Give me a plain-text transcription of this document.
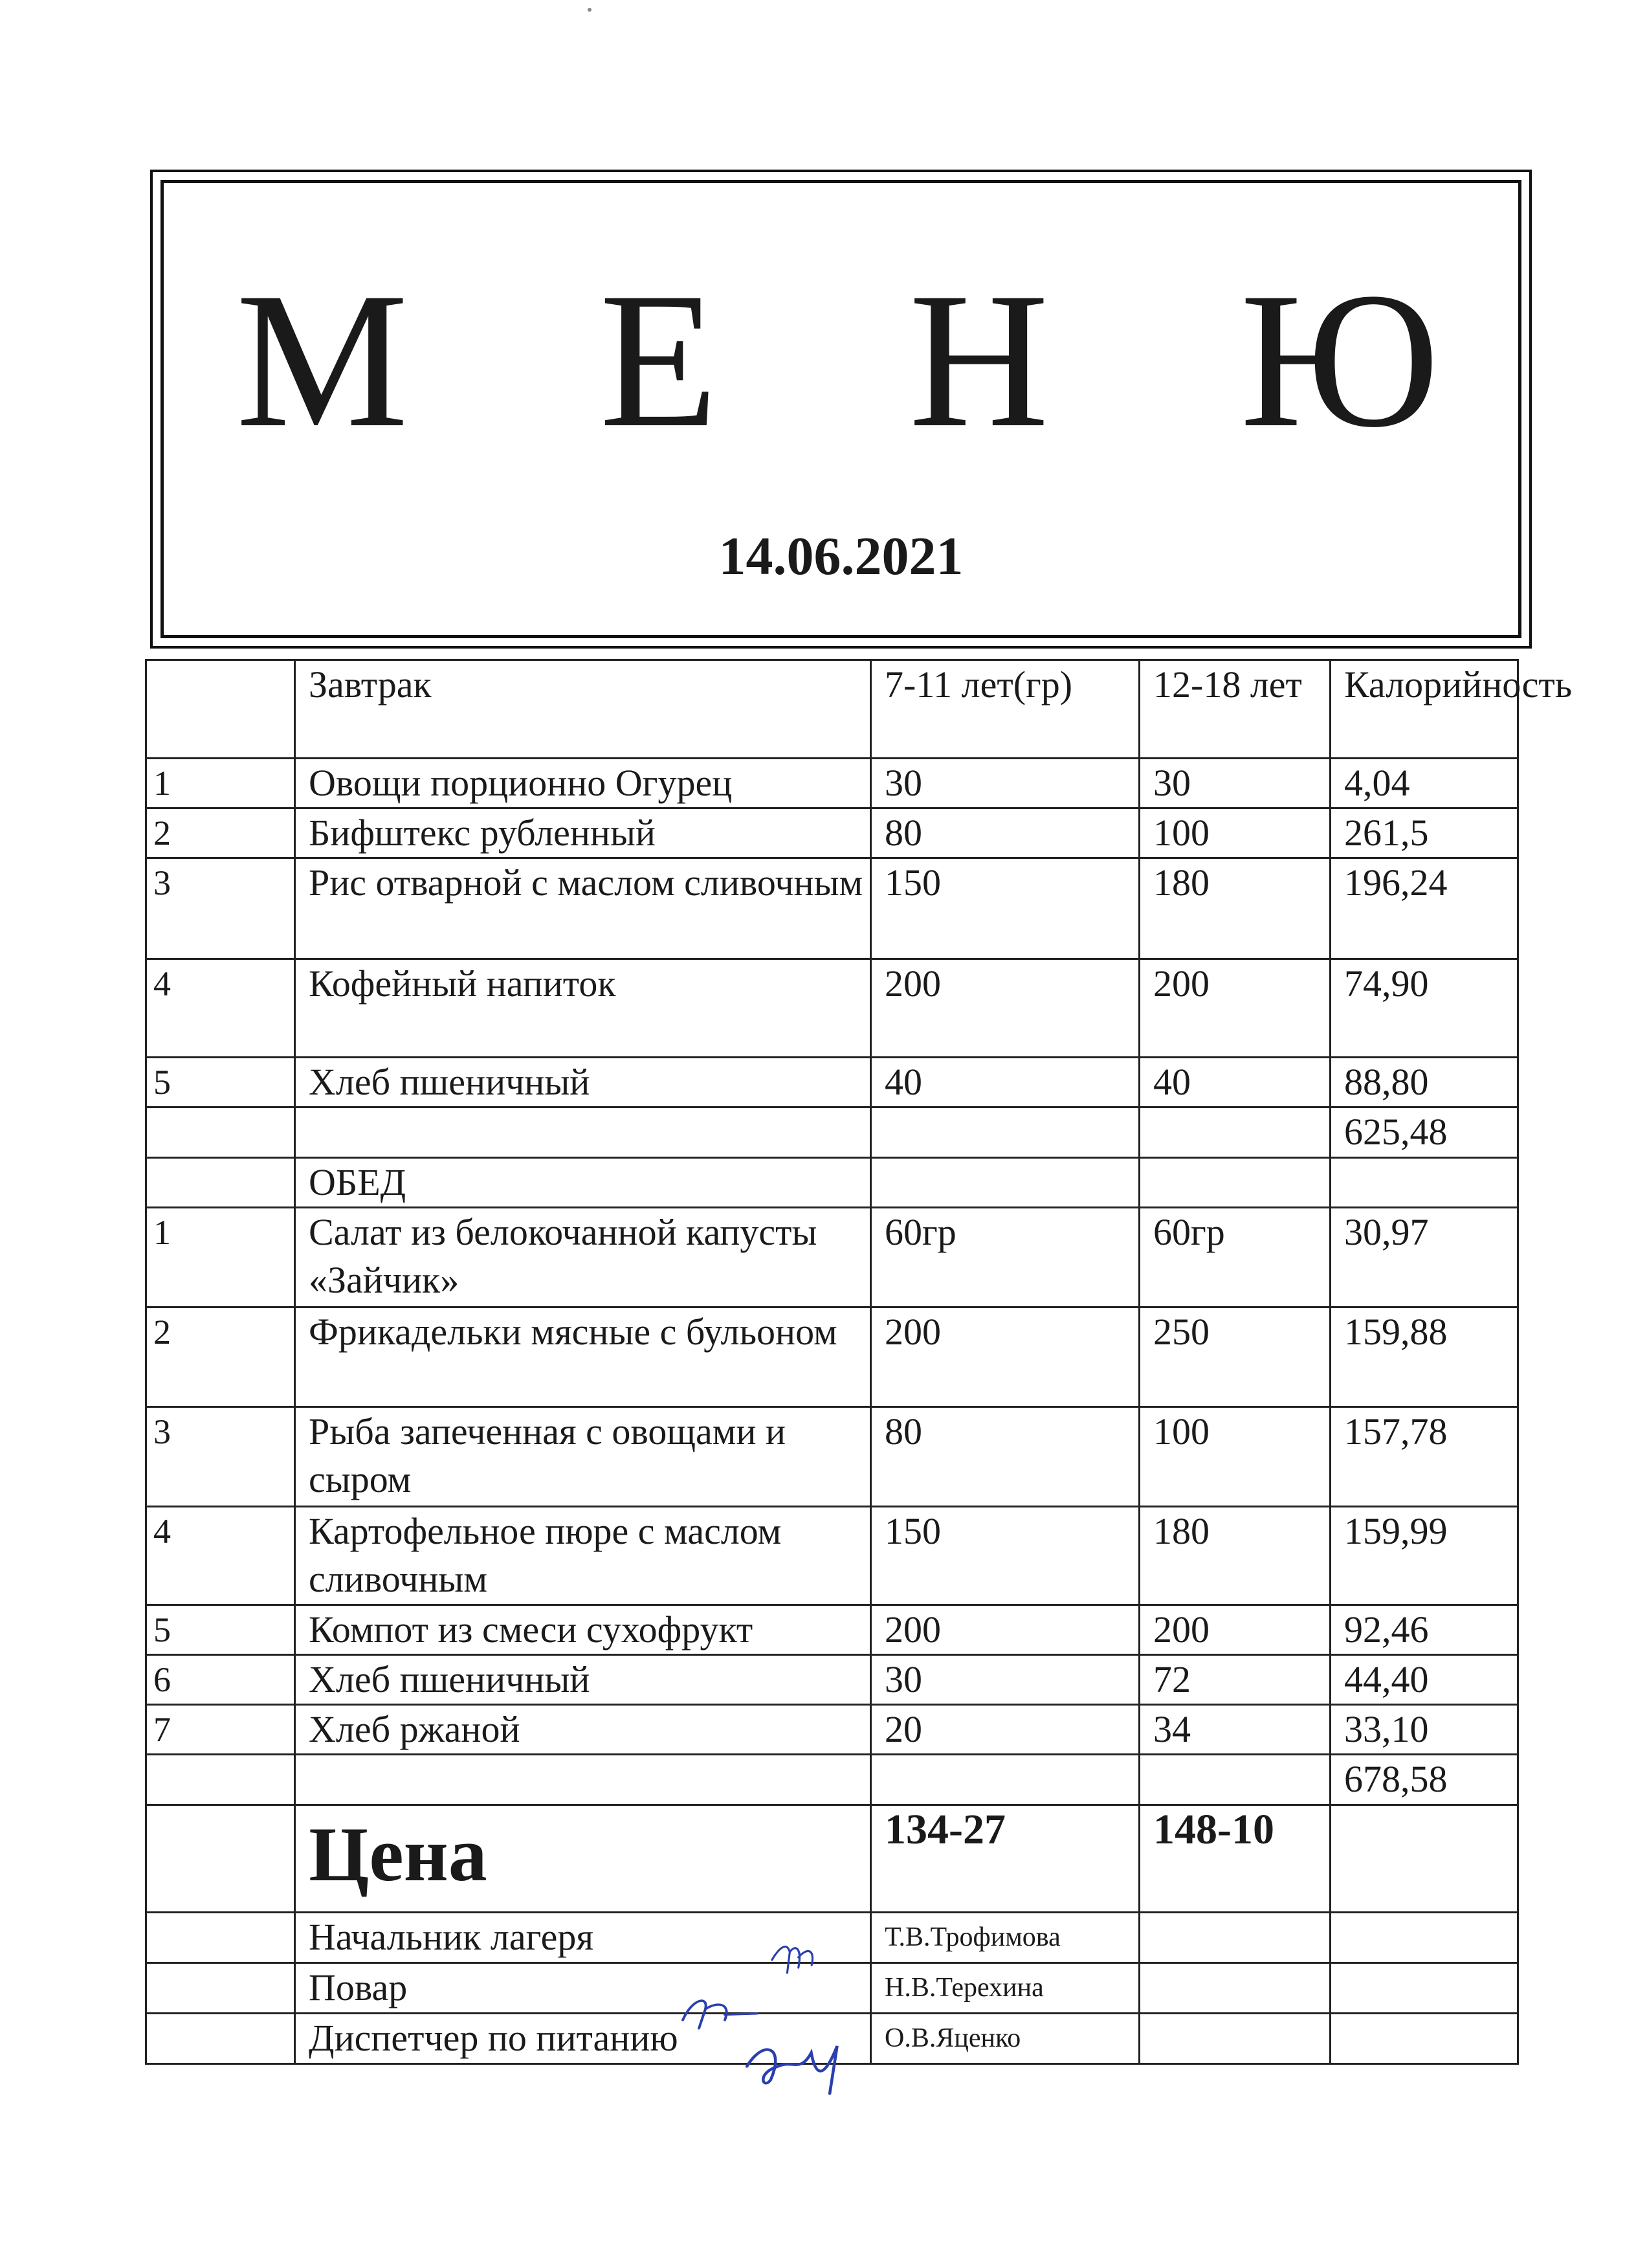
М Е Н Ю
14.06.2021
	Завтрак	7-11 лет(гр)	12-18 лет	Калорийность
1	Овощи порционно Огурец	30	30	4,04
2	Бифштекс рубленный	80	100	261,5
3	Рис отварной с маслом сливочным	150	180	196,24
4	Кофейный напиток	200	200	74,90
5	Хлеб пшеничный	40	40	88,80
				625,48
	ОБЕД			
1	Салат из белокочанной капусты «Зайчик»	60гр	60гр	30,97
2	Фрикадельки мясные с бульоном	200	250	159,88
3	Рыба запеченная с овощами и сыром	80	100	157,78
4	Картофельное пюре с маслом сливочным	150	180	159,99
5	Компот из смеси сухофрукт	200	200	92,46
6	Хлеб пшеничный	30	72	44,40
7	Хлеб ржаной	20	34	33,10
				678,58
	Цена	134-27	148-10	
	Начальник лагеря	Т.В.Трофимова		
	Повар	Н.В.Терехина		
	Диспетчер по питанию	О.В.Яценко		
